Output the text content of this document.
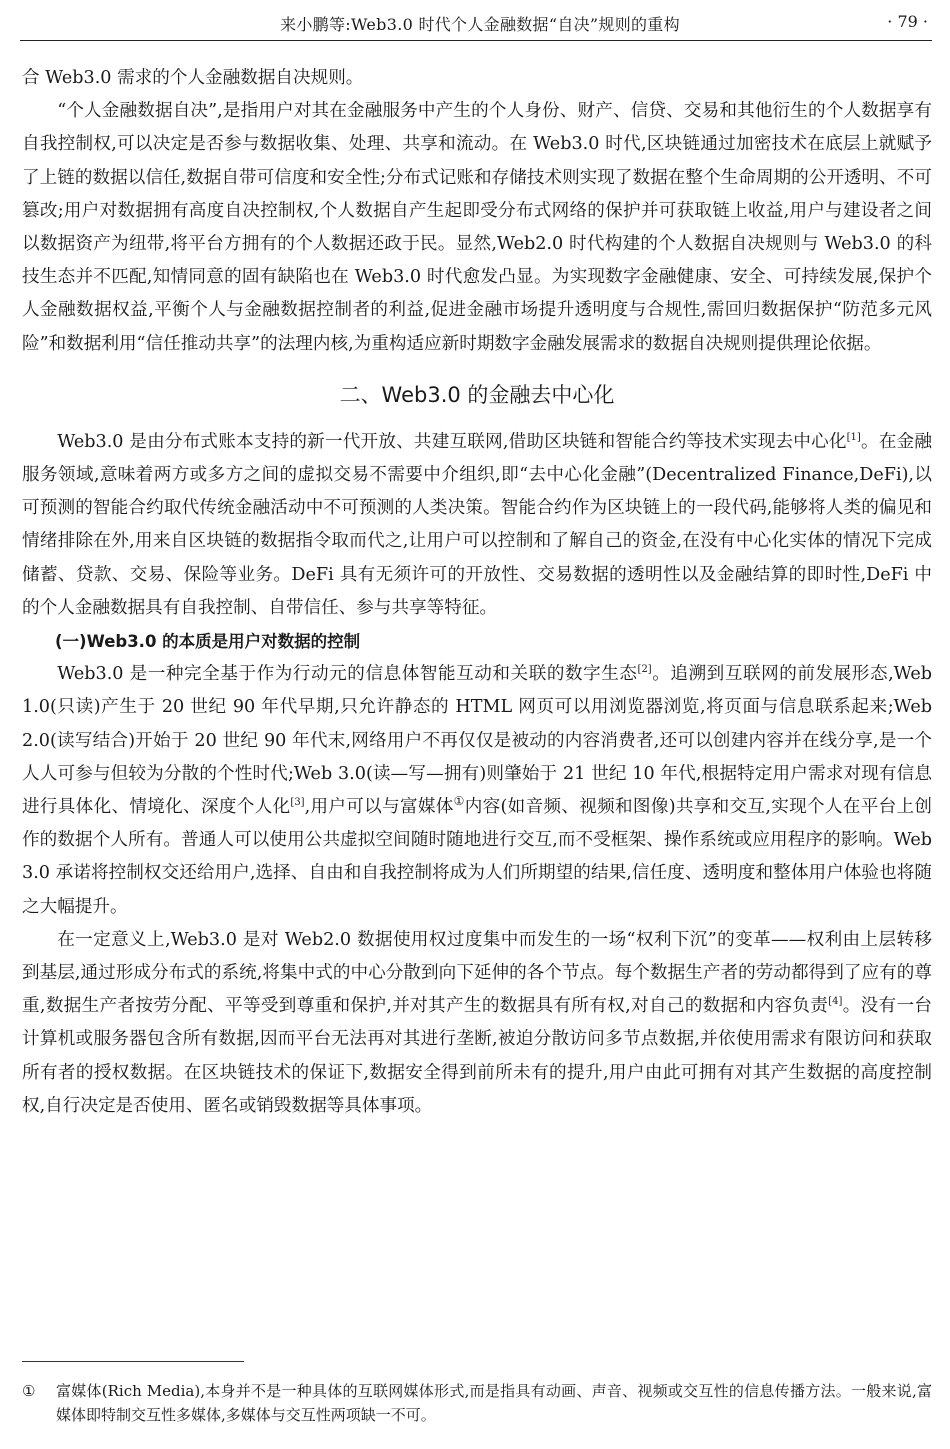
来小鹏等:Web3.0 时代个人金融数据“自决”规则的重构	· 79 ·

合 Web3.0 需求的个人金融数据自决规则。

“个人金融数据自决”,是指用户对其在金融服务中产生的个人身份、财产、信贷、交易和其他衍生的个人数据享有自我控制权,可以决定是否参与数据收集、处理、共享和流动。在 Web3.0 时代,区块链通过加密技术在底层上就赋予了上链的数据以信任,数据自带可信度和安全性;分布式记账和存储技术则实现了数据在整个生命周期的公开透明、不可篡改;用户对数据拥有高度自决控制权,个人数据自产生起即受分布式网络的保护并可获取链上收益,用户与建设者之间以数据资产为纽带,将平台方拥有的个人数据还政于民。显然,Web2.0 时代构建的个人数据自决规则与 Web3.0 的科技生态并不匹配,知情同意的固有缺陷也在 Web3.0 时代愈发凸显。为实现数字金融健康、安全、可持续发展,保护个人金融数据权益,平衡个人与金融数据控制者的利益,促进金融市场提升透明度与合规性,需回归数据保护“防范多元风险”和数据利用“信任推动共享”的法理内核,为重构适应新时期数字金融发展需求的数据自决规则提供理论依据。

二、Web3.0 的金融去中心化

Web3.0 是由分布式账本支持的新一代开放、共建互联网,借助区块链和智能合约等技术实现去中心化[1]。在金融服务领域,意味着两方或多方之间的虚拟交易不需要中介组织,即“去中心化金融”(Decentralized Finance,DeFi),以可预测的智能合约取代传统金融活动中不可预测的人类决策。智能合约作为区块链上的一段代码,能够将人类的偏见和情绪排除在外,用来自区块链的数据指令取而代之,让用户可以控制和了解自己的资金,在没有中心化实体的情况下完成储蓄、贷款、交易、保险等业务。DeFi 具有无须许可的开放性、交易数据的透明性以及金融结算的即时性,DeFi 中的个人金融数据具有自我控制、自带信任、参与共享等特征。

(一)Web3.0 的本质是用户对数据的控制

Web3.0 是一种完全基于作为行动元的信息体智能互动和关联的数字生态[2]。追溯到互联网的前发展形态,Web 1.0(只读)产生于 20 世纪 90 年代早期,只允许静态的 HTML 网页可以用浏览器浏览,将页面与信息联系起来;Web 2.0(读写结合)开始于 20 世纪 90 年代末,网络用户不再仅仅是被动的内容消费者,还可以创建内容并在线分享,是一个人人可参与但较为分散的个性时代;Web 3.0(读—写—拥有)则肇始于 21 世纪 10 年代,根据特定用户需求对现有信息进行具体化、情境化、深度个人化[3],用户可以与富媒体①内容(如音频、视频和图像)共享和交互,实现个人在平台上创作的数据个人所有。普通人可以使用公共虚拟空间随时随地进行交互,而不受框架、操作系统或应用程序的影响。Web 3.0 承诺将控制权交还给用户,选择、自由和自我控制将成为人们所期望的结果,信任度、透明度和整体用户体验也将随之大幅提升。

在一定意义上,Web3.0 是对 Web2.0 数据使用权过度集中而发生的一场“权利下沉”的变革——权利由上层转移到基层,通过形成分布式的系统,将集中式的中心分散到向下延伸的各个节点。每个数据生产者的劳动都得到了应有的尊重,数据生产者按劳分配、平等受到尊重和保护,并对其产生的数据具有所有权,对自己的数据和内容负责[4]。没有一台计算机或服务器包含所有数据,因而平台无法再对其进行垄断,被迫分散访问多节点数据,并依使用需求有限访问和获取所有者的授权数据。在区块链技术的保证下,数据安全得到前所未有的提升,用户由此可拥有对其产生数据的高度控制权,自行决定是否使用、匿名或销毁数据等具体事项。

① 富媒体(Rich Media),本身并不是一种具体的互联网媒体形式,而是指具有动画、声音、视频或交互性的信息传播方法。一般来说,富媒体即特制交互性多媒体,多媒体与交互性两项缺一不可。
